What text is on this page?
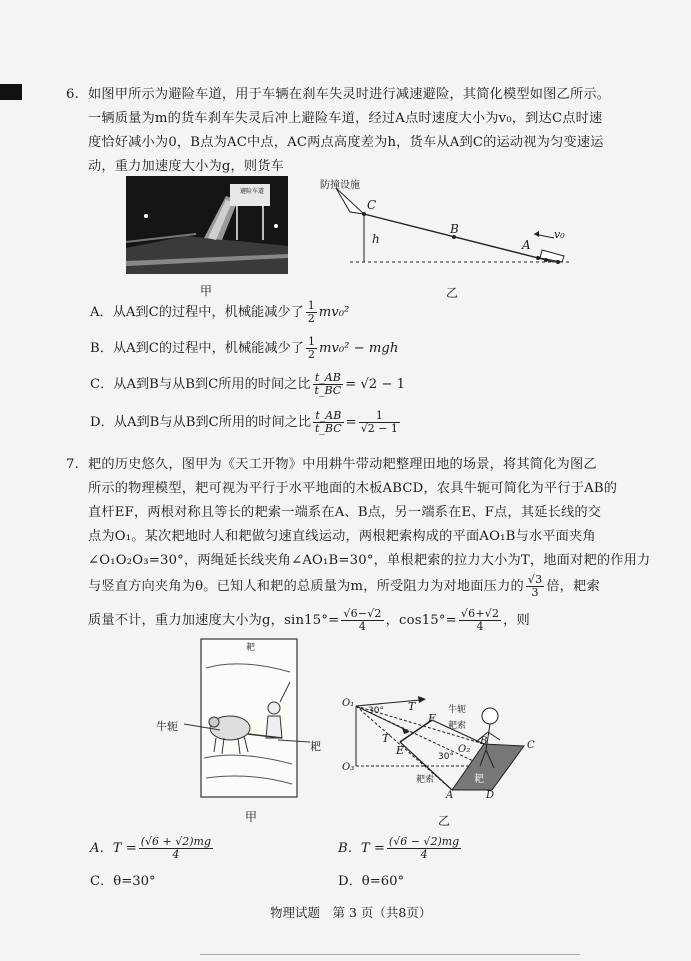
6. 如图甲所示为避险车道，用于车辆在刹车失灵时进行减速避险，其简化模型如图乙所示。
一辆质量为m的货车刹车失灵后冲上避险车道，经过A点时速度大小为v₀，到达C点时速
度恰好减小为0，B点为AC中点，AC两点高度差为h，货车从A到C的运动视为匀变速运
动，重力加速度大小为g，则货车
避险车道
甲
防撞设施
C
h
B
A
v₀
乙
A．从A到C的过程中，机械能减少了 $\frac{1}{2} mv_0^2$
B．从A到C的过程中，机械能减少了 $\frac{1}{2} mv_0^2$ − mgh
C．从A到B与从B到C所用的时间之比 $\frac{t\_AB}{t\_BC} = √2 - 1$
D．从A到B与从B到C所用的时间之比 $\frac{t\_AB}{t\_BC} = \frac{1}{√2 - 1}$
7. 耙的历史悠久，图甲为《天工开物》中用耕牛带动耙整理田地的场景，将其简化为图乙
所示的物理模型，耙可视为平行于水平地面的木板ABCD，农具牛轭可简化为平行于AB的
直杆EF，两根对称且等长的耙索一端系在A、B点，另一端系在E、F点，其延长线的交
点为O₁。某次耙地时人和耙做匀速直线运动，两根耙索构成的平面AO₁B与水平面夹角
∠O₁O₂O₃=30°，两绳延长线夹角∠AO₁B=30°，单根耙索的拉力大小为T，地面对耙的作用力
与竖直方向夹角为θ。已知人和耙的总质量为m，所受阻力为对地面压力的 $\frac{√3}{3}$ 倍，耙索
质量不计，重力加速度大小为g，$\sin 15^\circ= \frac{√6-√2}{4}$ ，$\cos 15^\circ= \frac{√6+√2}{4}$ ，则
耙
牛轭
耙
甲
O₁
O₃
O₂
30°
30°
T
T
F
E
牛轭
耙索
耙索	耙
B	C
A	D
乙
A．$T = \frac{(√6 + √2)mg}{4}$	B．$T = \frac{(√6 - √2)mg}{4}$
C．θ=30°	D．θ=60°
物理试题　第 3 页（共8页）
